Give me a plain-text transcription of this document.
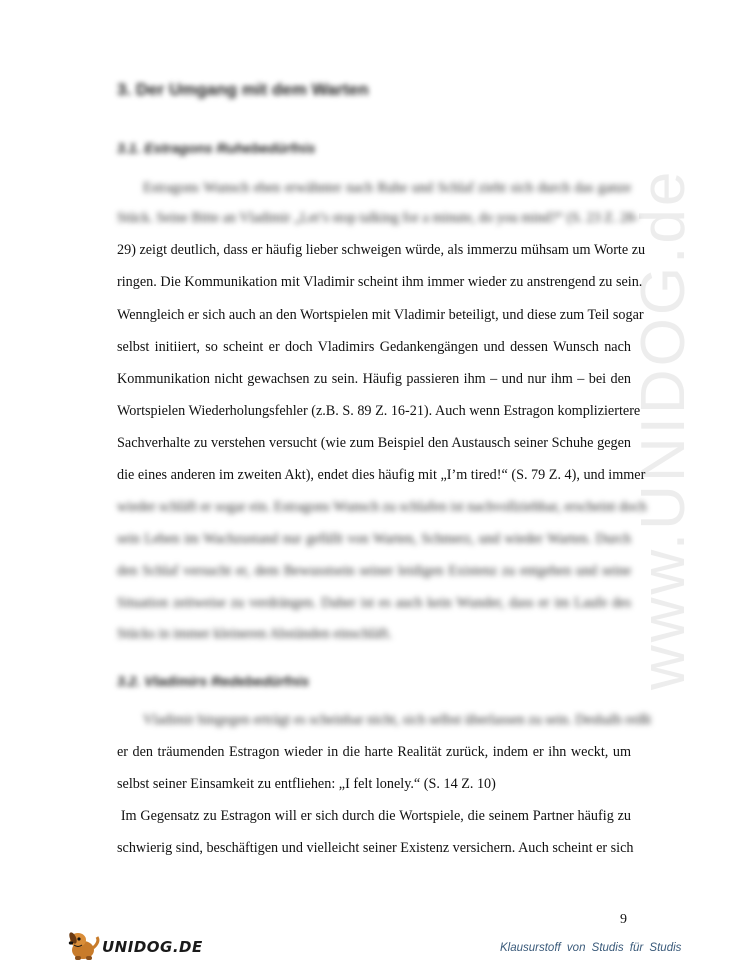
www.UNIDOG.de
3. Der Umgang mit dem Warten
3.1. Estragons Ruhebedürfnis
Estragons Wunsch eben erwähnter nach Ruhe und Schlaf zieht sich durch das ganze
Stück. Seine Bitte an Vladimir „Let’s stop talking for a minute, do you mind?“ (S. 23 Z. 28-
29) zeigt deutlich, dass er häufig lieber schweigen würde, als immerzu mühsam um Worte zu
ringen. Die Kommunikation mit Vladimir scheint ihm immer wieder zu anstrengend zu sein.
Wenngleich er sich auch an den Wortspielen mit Vladimir beteiligt, und diese zum Teil sogar
selbst initiiert, so scheint er doch Vladimirs Gedankengängen und dessen Wunsch nach
Kommunikation nicht gewachsen zu sein. Häufig passieren ihm – und nur ihm – bei den
Wortspielen Wiederholungsfehler (z.B. S. 89 Z. 16-21). Auch wenn Estragon kompliziertere
Sachverhalte zu verstehen versucht (wie zum Beispiel den Austausch seiner Schuhe gegen
die eines anderen im zweiten Akt), endet dies häufig mit „I’m tired!“ (S. 79 Z. 4), und immer
wieder schläft er sogar ein. Estragons Wunsch zu schlafen ist nachvollziehbar, erscheint doch
sein Leben im Wachzustand nur gefüllt von Warten, Schmerz, und wieder Warten. Durch
den Schlaf versucht er, dem Bewusstsein seiner leidigen Existenz zu entgehen und seine
Situation zeitweise zu verdrängen. Daher ist es auch kein Wunder, dass er im Laufe des
Stücks in immer kleineren Abständen einschläft.
3.2. Vladimirs Redebedürfnis
Vladimir hingegen erträgt es scheinbar nicht, sich selbst überlassen zu sein. Deshalb reißt
er den träumenden Estragon wieder in die harte Realität zurück, indem er ihn weckt, um
selbst seiner Einsamkeit zu entfliehen: „I felt lonely.“ (S. 14 Z. 10)
Im Gegensatz zu Estragon will er sich durch die Wortspiele, die seinem Partner häufig zu
schwierig sind, beschäftigen und vielleicht seiner Existenz versichern. Auch scheint er sich
9
UNIDOG.DE	Klausurstoff von Studis für Studis
